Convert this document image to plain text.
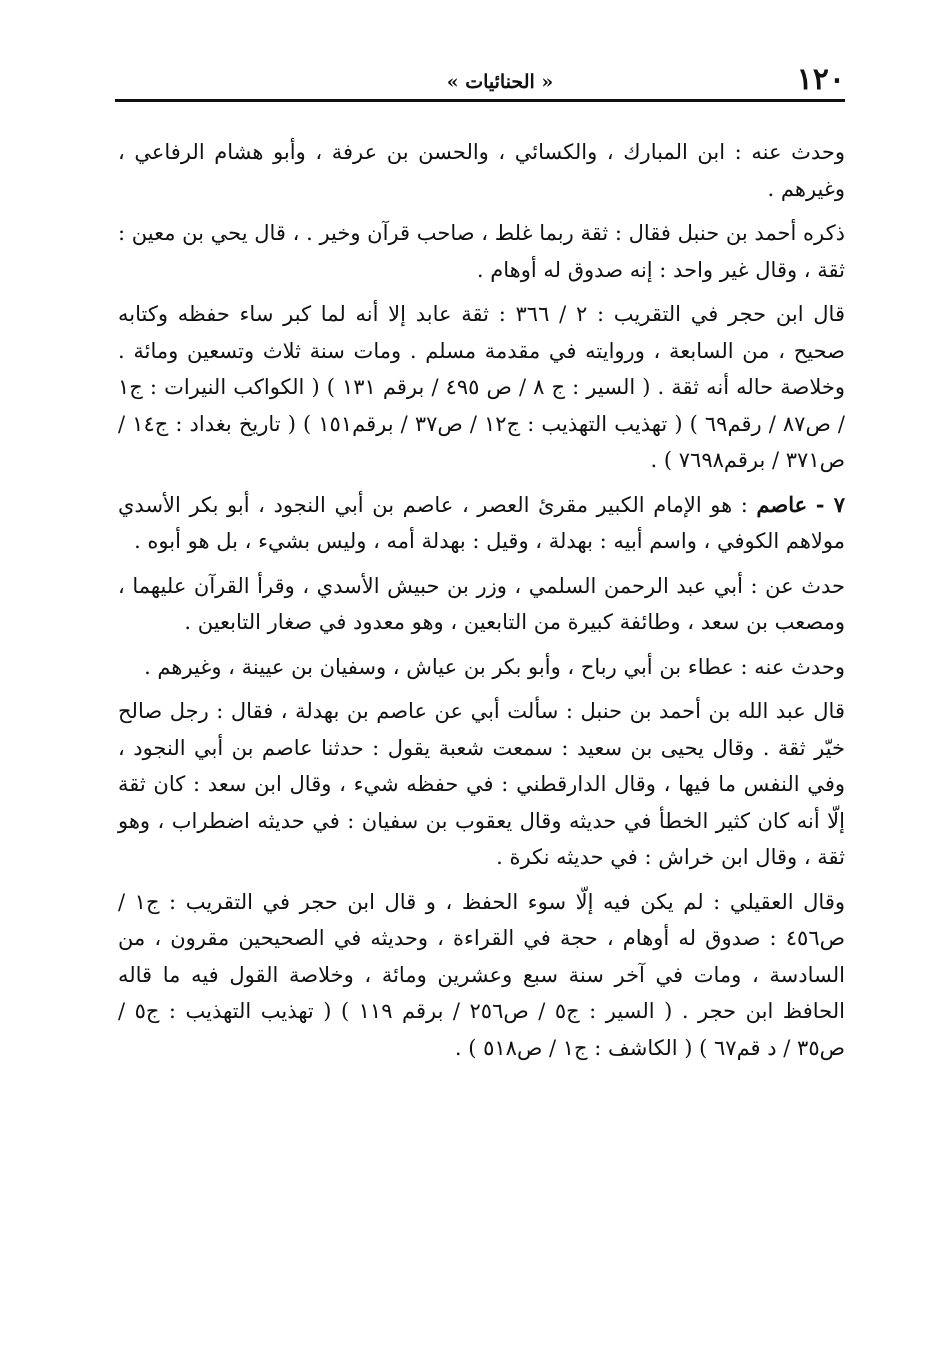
١٢٠
« الحنائيات »

وحدث عنه : ابن المبارك ، والكسائي ، والحسن بن عرفة ، وأبو هشام الرفاعي ، وغيرهم .

ذكره أحمد بن حنبل فقال : ثقة ربما غلط ، صاحب قرآن وخير . ، قال يحي بن معين : ثقة ، وقال غير واحد : إنه صدوق له أوهام .

قال ابن حجر في التقريب : ٢ / ٣٦٦ : ثقة عابد إلا أنه لما كبر ساء حفظه وكتابه صحيح ، من السابعة ، وروايته في مقدمة مسلم . ومات سنة ثلاث وتسعين ومائة . وخلاصة حاله أنه ثقة . ( السير : ج ٨ / ص ٤٩٥ / برقم ١٣١ ) ( الكواكب النيرات : ج١ / ص٨٧ / رقم٦٩ ) ( تهذيب التهذيب : ج١٢ / ص٣٧ / برقم١٥١ ) ( تاريخ بغداد : ج١٤ / ص٣٧١ / برقم٧٦٩٨ ) .

٧ - عاصم : هو الإمام الكبير مقرئ العصر ، عاصم بن أبي النجود ، أبو بكر الأسدي مولاهم الكوفي ، واسم أبيه : بهدلة ، وقيل : بهدلة أمه ، وليس بشيء ، بل هو أبوه .

حدث عن : أبي عبد الرحمن السلمي ، وزر بن حبيش الأسدي ، وقرأ القرآن عليهما ، ومصعب بن سعد ، وطائفة كبيرة من التابعين ، وهو معدود في صغار التابعين .

وحدث عنه : عطاء بن أبي رباح ، وأبو بكر بن عياش ، وسفيان بن عيينة ، وغيرهم .

قال عبد الله بن أحمد بن حنبل : سألت أبي عن عاصم بن بهدلة ، فقال : رجل صالح خيّر ثقة . وقال يحيى بن سعيد : سمعت شعبة يقول : حدثنا عاصم بن أبي النجود ، وفي النفس ما فيها ، وقال الدارقطني : في حفظه شيء ، وقال ابن سعد : كان ثقة إلّا أنه كان كثير الخطأ في حديثه وقال يعقوب بن سفيان : في حديثه اضطراب ، وهو ثقة ، وقال ابن خراش : في حديثه نكرة .

وقال العقيلي : لم يكن فيه إلّا سوء الحفظ ، و قال ابن حجر في التقريب : ج١ / ص٤٥٦ : صدوق له أوهام ، حجة في القراءة ، وحديثه في الصحيحين مقرون ، من السادسة ، ومات في آخر سنة سبع وعشرين ومائة ، وخلاصة القول فيه ما قاله الحافظ ابن حجر . ( السير : ج٥ / ص٢٥٦ / برقم ١١٩ ) ( تهذيب التهذيب : ج٥ / ص٣٥ / د قم٦٧ ) ( الكاشف : ج١ / ص٥١٨ ) .
